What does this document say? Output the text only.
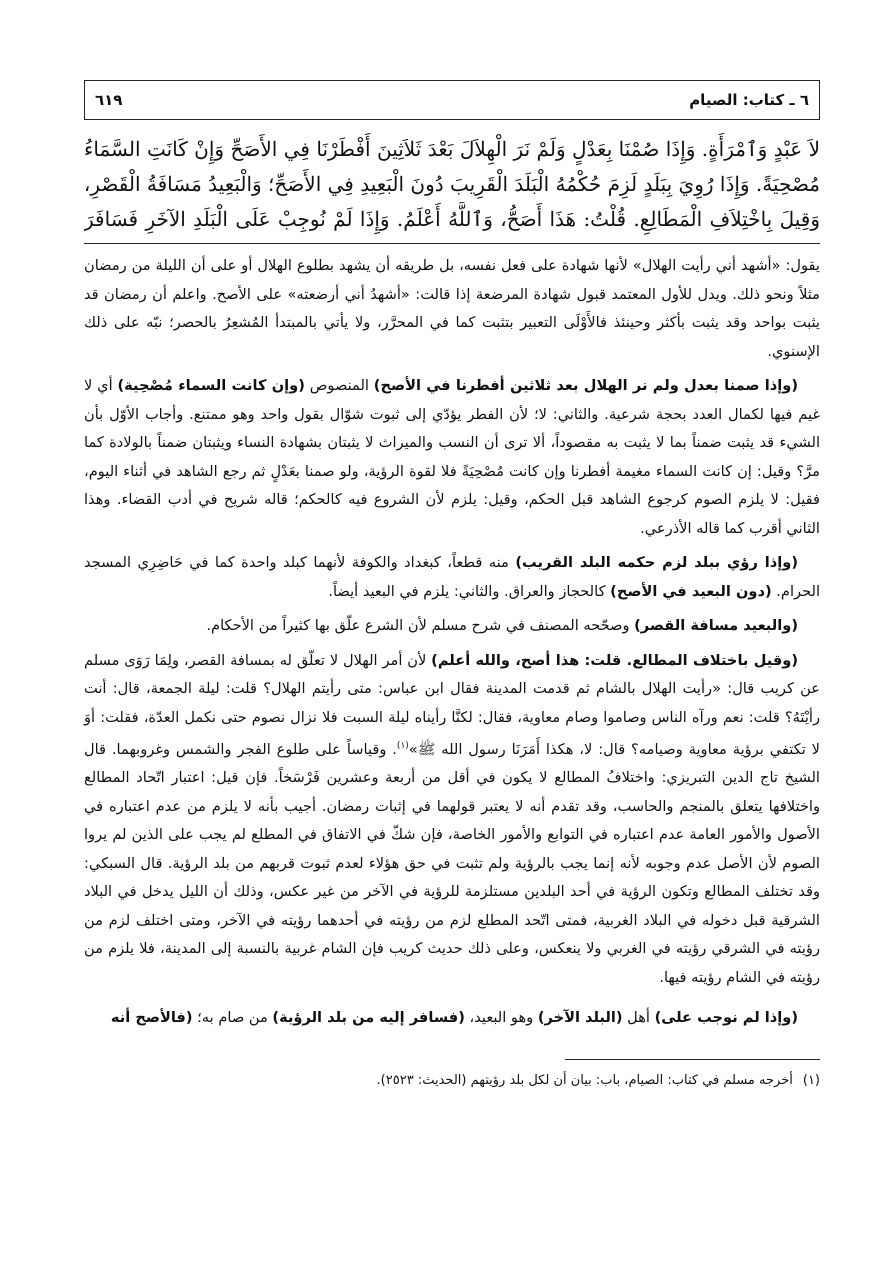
٦ ـ كتاب: الصيام
٦١٩
لاَ عَبْدٍ وَٱمْرَأَةٍ. وَإِذَا صُمْنَا بِعَدْلٍ وَلَمْ نَرَ الْهِلاَلَ بَعْدَ ثَلاَثِينَ أَفْطَرْنَا فِي الأَصَحِّ وَإِنْ كَانَتِ السَّمَاءُ
مُصْحِيَةً. وَإِذَا رُوِيَ بِبَلَدٍ لَزِمَ حُكْمُهُ الْبَلَدَ الْقَرِيبَ دُونَ الْبَعِيدِ فِي الأَصَحِّ؛ وَالْبَعِيدُ مَسَافَةُ الْقَصْرِ،
وَقِيلَ بِاخْتِلاَفِ الْمَطَالِعِ. قُلْتُ: هَذَا أَصَحُّ، وَٱللَّهُ أَعْلَمُ. وَإِذَا لَمْ نُوجِبْ عَلَى الْبَلَدِ الآخَرِ فَسَافَرَ

يقول: «أشهد أني رأيت الهلال» لأنها شهادة على فعل نفسه، بل طريقه أن يشهد بطلوع الهلال أو على أن الليلة من رمضان مثلاً ونحو ذلك. ويدل للأول المعتمد قبول شهادة المرضعة إذا قالت: «أشهدُ أني أرضعته» على الأصح. واعلم أن رمضان قد يثبت بواحد وقد يثبت بأكثر وحينئذ فالأَوْلَى التعبير بتثبت كما في المحرَّر، ولا يأتي بالمبتدأ المُشعِرُ بالحصر؛ نبّه على ذلك الإسنوي.

(وإذا صمنا بعدل ولم نر الهلال بعد ثلاثين أفطرنا في الأصح) المنصوص (وإن كانت السماء مُصْحِية) أي لا غيم فيها لكمال العدد بحجة شرعية. والثاني: لا؛ لأن الفطر يؤدّي إلى ثبوت شوّال بقول واحد وهو ممتنع. وأجاب الأوّل بأن الشيء قد يثبت ضمناً بما لا يثبت به مقصوداً، ألا ترى أن النسب والميراث لا يثبتان بشهادة النساء ويثبتان ضمناً بالولادة كما مرَّ؟ وقيل: إن كانت السماء مغيمة أفطرنا وإن كانت مُصْحِيَةً فلا لقوة الرؤية، ولو صمنا بعَدْلٍ ثم رجع الشاهد في أثناء اليوم، فقيل: لا يلزم الصوم كرجوع الشاهد قبل الحكم، وقيل: يلزم لأن الشروع فيه كالحكم؛ قاله شريح في أدب القضاء. وهذا الثاني أقرب كما قاله الأذرعي.

(وإذا رؤي ببلد لزم حكمه البلد القريب) منه قطعاً، كبغداد والكوفة لأنهما كبلد واحدة كما في حَاضِرِي المسجد الحرام. (دون البعيد في الأصح) كالحجاز والعراق. والثاني: يلزم في البعيد أيضاً.

(والبعيد مسافة القصر) وصحّحه المصنف في شرح مسلم لأن الشرع علّق بها كثيراً من الأحكام.

(وقيل باختلاف المطالع. قلت: هذا أصح، والله أعلم) لأن أمر الهلال لا تعلّق له بمسافة القصر، ولِمَا رَوَى مسلم عن كريب قال: «رأيت الهلال بالشام ثم قدمت المدينة فقال ابن عباس: متى رأيتم الهلال؟ قلت: ليلة الجمعة، قال: أنت رأيْتَهُ؟ قلت: نعم ورآه الناس وصاموا وصام معاوية، فقال: لكنَّا رأيناه ليلة السبت فلا نزال نصوم حتى نكمل العدّة، فقلت: أوَ لا تكتفي برؤية معاوية وصيامه؟ قال: لا، هكذا أَمَرَنَا رسول الله ﷺ»$^{(١)}$. وقياساً على طلوع الفجر والشمس وغروبهما. قال الشيخ تاج الدين التبريزي: واختلافُ المطالع لا يكون في أقل من أربعة وعشرين فَرْسَخاً. فإن قيل: اعتبار اتّحاد المطالع واختلافها يتعلق بالمنجم والحاسب، وقد تقدم أنه لا يعتبر قولهما في إثبات رمضان. أجيب بأنه لا يلزم من عدم اعتباره في الأصول والأمور العامة عدم اعتباره في التوابع والأمور الخاصة، فإن شكّ في الاتفاق في المطلع لم يجب على الذين لم يروا الصوم لأن الأصل عدم وجوبه لأنه إنما يجب بالرؤية ولم تثبت في حق هؤلاء لعدم ثبوت قربهم من بلد الرؤية. قال السبكي: وقد تختلف المطالع وتكون الرؤية في أحد البلدين مستلزمة للرؤية في الآخر من غير عكس، وذلك أن الليل يدخل في البلاد الشرقية قبل دخوله في البلاد الغربية، فمتى اتّحد المطلع لزم من رؤيته في أحدهما رؤيته في الآخر، ومتى اختلف لزم من رؤيته في الشرقي رؤيته في الغربي ولا ينعكس، وعلى ذلك حديث كريب فإن الشام غربية بالنسبة إلى المدينة، فلا يلزم من رؤيته في الشام رؤيته فيها.

(وإذا لم نوجب على) أهل (البلد الآخر) وهو البعيد، (فسافر إليه من بلد الرؤية) من صام به؛ (فالأصح أنه

(١)أخرجه مسلم في كتاب: الصيام، باب: بيان أن لكل بلد رؤيتهم (الحديث: ٢٥٢٣).
